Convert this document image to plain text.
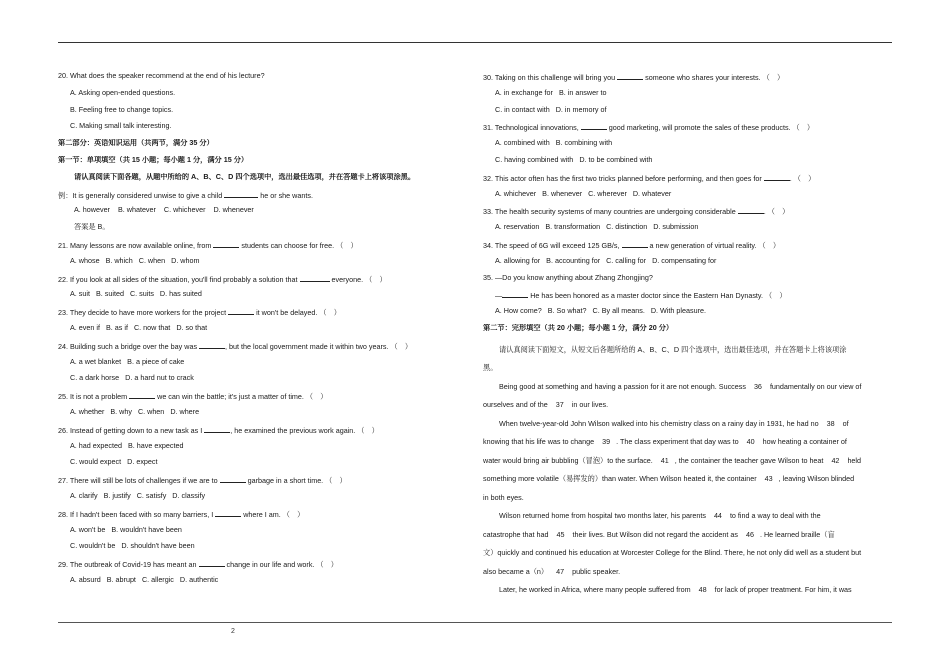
20. What does the speaker recommend at the end of his lecture?
A. Asking open-ended questions.
B. Feeling free to change topics.
C. Making small talk interesting.
第二部分：英语知识运用（共两节，满分 35 分）
第一节：单项填空（共 15 小题；每小题 1 分，满分 15 分）
请认真阅读下面各题，从题中所给的 A、B、C、D 四个选项中，选出最佳选项，并在答题卡上将该项涂黑。
例：It is generally considered unwise to give a child	he or she wants.
A. however B. whatever C. whichever D. whenever
答案是 B。
21. Many lessons are now available online, from	students can choose for free. （　）
A. whose B. which C. when D. whom
22. If you look at all sides of the situation, you'll find probably a solution that	everyone. （　）
A. suit B. suited C. suits D. has suited
23. They decide to have more workers for the project	it won't be delayed. （　）
A. even if B. as if C. now that D. so that
24. Building such a bridge over the bay was	, but the local government made it within two years. （　）
A. a wet blanket B. a piece of cake
C. a dark horse D. a hard nut to crack
25. It is not a problem	we can win the battle; it's just a matter of time. （　）
A. whether B. why C. when D. where
26. Instead of getting down to a new task as I	, he examined the previous work again. （　）
A. had expected B. have expected
C. would expect D. expect
27. There will still be lots of challenges if we are to	garbage in a short time. （　）
A. clarify B. justify C. satisfy D. classify
28. If I hadn't been faced with so many barriers, I	where I am. （　）
A. won't be B. wouldn't have been
C. wouldn't be D. shouldn't have been
29. The outbreak of Covid-19 has meant an	change in our life and work. （　）
A. absurd B. abrupt C. allergic D. authentic
30. Taking on this challenge will bring you	someone who shares your interests. （　）
A. in exchange for B. in answer to
C. in contact with D. in memory of
31. Technological innovations,	good marketing, will promote the sales of these products. （　）
A. combined with B. combining with
C. having combined with D. to be combined with
32. This actor often has the first two tricks planned before performing, and then goes for	. （　）
A. whichever B. whenever C. wherever D. whatever
33. The health security systems of many countries are undergoing considerable	. （　）
A. reservation B. transformation C. distinction D. submission
34. The speed of 6G will exceed 125 GB/s,	a new generation of virtual reality. （　）
A. allowing for B. accounting for C. calling for D. compensating for
35. —Do you know anything about Zhang Zhongjing?
—	He has been honored as a master doctor since the Eastern Han Dynasty. （　）
A. How come? B. So what? C. By all means. D. With pleasure.
第二节：完形填空（共 20 小题；每小题 1 分，满分 20 分）
请认真阅读下面短文，从短文后各题所给的 A、B、C、D 四个选项中，选出最佳选项，并在答题卡上将该项涂
黑。
Being good at something and having a passion for it are not enough. Success 36 fundamentally on our view of
ourselves and of the 37 in our lives.
When twelve-year-old John Wilson walked into his chemistry class on a rainy day in 1931, he had no 38 of
knowing that his life was to change 39 . The class experiment that day was to 40 how heating a container of
water would bring air bubbling（冒泡）to the surface. 41 , the container the teacher gave Wilson to heat 42 held
something more volatile（易挥发的）than water. When Wilson heated it, the container 43 , leaving Wilson blinded
in both eyes.
Wilson returned home from hospital two months later, his parents 44 to find a way to deal with the
catastrophe that had 45 their lives. But Wilson did not regard the accident as 46 . He learned braille（盲
文）quickly and continued his education at Worcester College for the Blind. There, he not only did well as a student but
also became a（n） 47 public speaker.
Later, he worked in Africa, where many people suffered from 48 for lack of proper treatment. For him, it was
2
